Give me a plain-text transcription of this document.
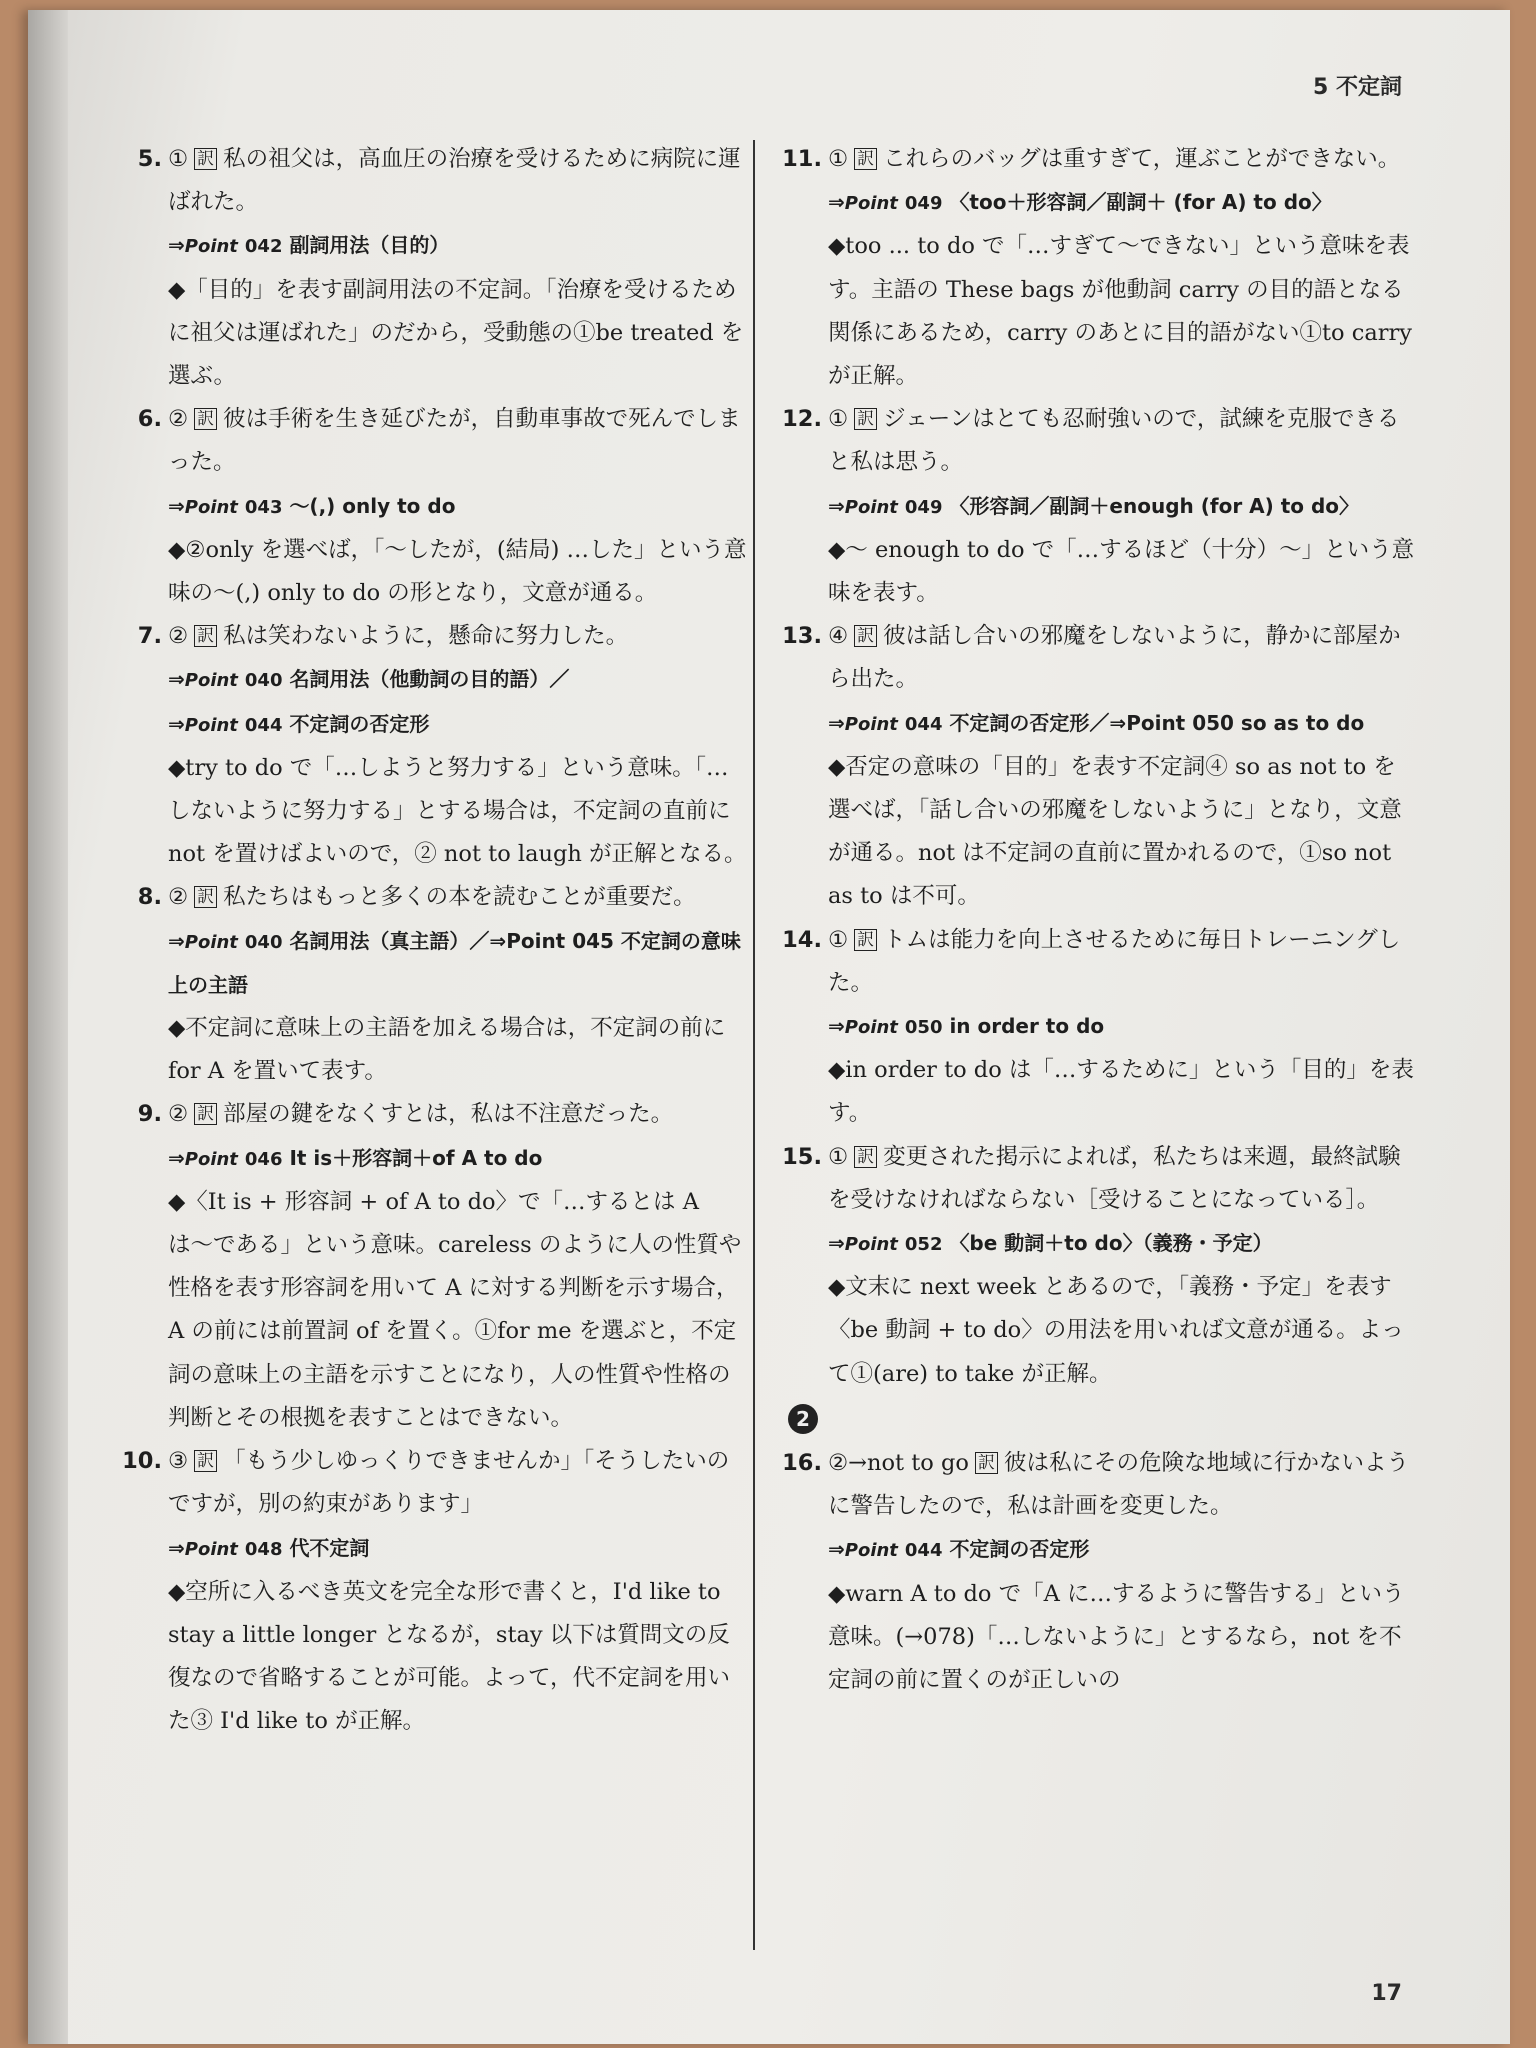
5 不定詞
5. ① 訳 私の祖父は，高血圧の治療を受けるために病院に運ばれた。

⇒Point 042 副詞用法（目的）

◆「目的」を表す副詞用法の不定詞。「治療を受けるために祖父は運ばれた」のだから，受動態の①be treated を選ぶ。

6. ② 訳 彼は手術を生き延びたが，自動車事故で死んでしまった。

⇒Point 043 〜(,) only to do

◆②only を選べば，「〜したが，(結局) …した」という意味の〜(,) only to do の形となり，文意が通る。

7. ② 訳 私は笑わないように，懸命に努力した。

⇒Point 040 名詞用法（他動詞の目的語）／

⇒Point 044 不定詞の否定形

◆try to do で「…しようと努力する」という意味。「…しないように努力する」とする場合は，不定詞の直前に not を置けばよいので，② not to laugh が正解となる。

8. ② 訳 私たちはもっと多くの本を読むことが重要だ。

⇒Point 040 名詞用法（真主語）／⇒Point 045 不定詞の意味上の主語

◆不定詞に意味上の主語を加える場合は，不定詞の前に for A を置いて表す。

9. ② 訳 部屋の鍵をなくすとは，私は不注意だった。

⇒Point 046 It is＋形容詞＋of A to do

◆〈It is + 形容詞 + of A to do〉で「…するとは A は〜である」という意味。careless のように人の性質や性格を表す形容詞を用いて A に対する判断を示す場合，A の前には前置詞 of を置く。①for me を選ぶと，不定詞の意味上の主語を示すことになり，人の性質や性格の判断とその根拠を表すことはできない。

10. ③ 訳 「もう少しゆっくりできませんか」「そうしたいのですが，別の約束があります」

⇒Point 048 代不定詞

◆空所に入るべき英文を完全な形で書くと，I'd like to stay a little longer となるが，stay 以下は質問文の反復なので省略することが可能。よって，代不定詞を用いた③ I'd like to が正解。

11. ① 訳 これらのバッグは重すぎて，運ぶことができない。

⇒Point 049 〈too＋形容詞／副詞＋ (for A) to do〉

◆too ... to do で「…すぎて〜できない」という意味を表す。主語の These bags が他動詞 carry の目的語となる関係にあるため，carry のあとに目的語がない①to carry が正解。

12. ① 訳 ジェーンはとても忍耐強いので，試練を克服できると私は思う。

⇒Point 049 〈形容詞／副詞＋enough (for A) to do〉

◆〜 enough to do で「…するほど（十分）〜」という意味を表す。

13. ④ 訳 彼は話し合いの邪魔をしないように，静かに部屋から出た。

⇒Point 044 不定詞の否定形／⇒Point 050 so as to do

◆否定の意味の「目的」を表す不定詞④ so as not to を選べば，「話し合いの邪魔をしないように」となり，文意が通る。not は不定詞の直前に置かれるので，①so not as to は不可。

14. ① 訳 トムは能力を向上させるために毎日トレーニングした。

⇒Point 050 in order to do

◆in order to do は「…するために」という「目的」を表す。

15. ① 訳 変更された掲示によれば，私たちは来週，最終試験を受けなければならない［受けることになっている］。

⇒Point 052 〈be 動詞＋to do〉（義務・予定）

◆文末に next week とあるので，「義務・予定」を表す〈be 動詞 + to do〉の用法を用いれば文意が通る。よって①(are) to take が正解。

2
16. ②→not to go 訳 彼は私にその危険な地域に行かないように警告したので，私は計画を変更した。

⇒Point 044 不定詞の否定形

◆warn A to do で「A に…するように警告する」という意味。(→078)「…しないように」とするなら，not を不定詞の前に置くのが正しいの

17
